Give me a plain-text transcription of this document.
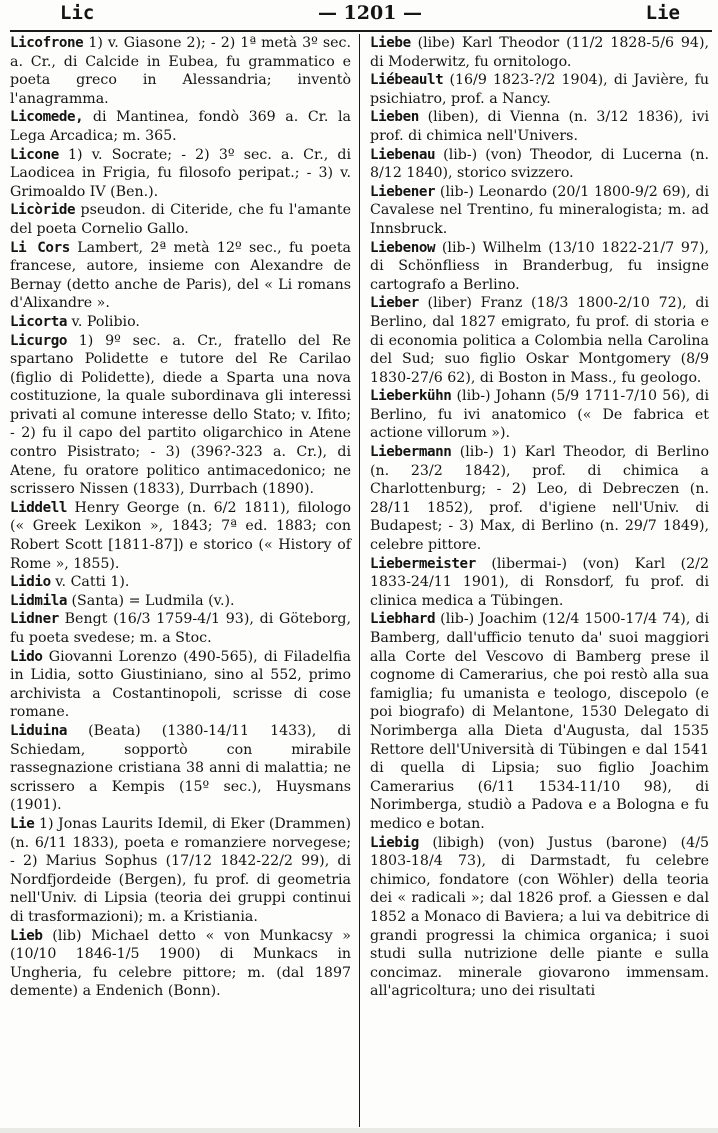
Lic	— 1201 —	Lie

Licofrone 1) v. Giasone 2); - 2) 1ª metà 3º sec. a. Cr., di Calcide in Eubea, fu grammatico e poeta greco in Alessandria; inventò l'anagramma.

Licomede, di Mantinea, fondò 369 a. Cr. la Lega Arcadica; m. 365.

Licone 1) v. Socrate; - 2) 3º sec. a. Cr., di Laodicea in Frigia, fu filosofo peripat.; - 3) v. Grimoaldo IV (Ben.).

Licòride pseudon. di Citeride, che fu l'amante del poeta Cornelio Gallo.

Li Cors Lambert, 2ª metà 12º sec., fu poeta francese, autore, insieme con Alexandre de Bernay (detto anche de Paris), del « Li romans d'Alixandre ».

Licorta v. Polibio.

Licurgo 1) 9º sec. a. Cr., fratello del Re spartano Polidette e tutore del Re Carilao (figlio di Polidette), diede a Sparta una nova costituzione, la quale subordinava gli interessi privati al comune interesse dello Stato; v. Ifito; - 2) fu il capo del partito oligarchico in Atene contro Pisistrato; - 3) (396?-323 a. Cr.), di Atene, fu oratore politico antimacedonico; ne scrissero Nissen (1833), Durrbach (1890).

Liddell Henry George (n. 6/2 1811), filologo (« Greek Lexikon », 1843; 7ª ed. 1883; con Robert Scott [1811-87]) e storico (« History of Rome », 1855).

Lidio v. Catti 1).

Lidmila (Santa) = Ludmila (v.).

Lidner Bengt (16/3 1759-4/1 93), di Göteborg, fu poeta svedese; m. a Stoc.

Lido Giovanni Lorenzo (490-565), di Filadelfia in Lidia, sotto Giustiniano, sino al 552, primo archivista a Costantinopoli, scrisse di cose romane.

Liduina (Beata) (1380-14/11 1433), di Schiedam, sopportò con mirabile rassegnazione cristiana 38 anni di malattia; ne scrissero a Kempis (15º sec.), Huysmans (1901).

Lie 1) Jonas Laurits Idemil, di Eker (Drammen) (n. 6/11 1833), poeta e romanziere norvegese; - 2) Marius Sophus (17/12 1842-22/2 99), di Nordfjordeide (Bergen), fu prof. di geometria nell'Univ. di Lipsia (teoria dei gruppi continui di trasformazioni); m. a Kristiania.

Lieb (lib) Michael detto « von Munkacsy » (10/10 1846-1/5 1900) di Munkacs in Ungheria, fu celebre pittore; m. (dal 1897 demente) a Endenich (Bonn).

Liebe (libe) Karl Theodor (11/2 1828-5/6 94), di Moderwitz, fu ornitologo.

Liébeault (16/9 1823-?/2 1904), di Javière, fu psichiatro, prof. a Nancy.

Lieben (liben), di Vienna (n. 3/12 1836), ivi prof. di chimica nell'Univers.

Liebenau (lib-) (von) Theodor, di Lucerna (n. 8/12 1840), storico svizzero.

Liebener (lib-) Leonardo (20/1 1800-9/2 69), di Cavalese nel Trentino, fu mineralogista; m. ad Innsbruck.

Liebenow (lib-) Wilhelm (13/10 1822-21/7 97), di Schönfliess in Branderbug, fu insigne cartografo a Berlino.

Lieber (liber) Franz (18/3 1800-2/10 72), di Berlino, dal 1827 emigrato, fu prof. di storia e di economia politica a Colombia nella Carolina del Sud; suo figlio Oskar Montgomery (8/9 1830-27/6 62), di Boston in Mass., fu geologo.

Lieberkühn (lib-) Johann (5/9 1711-7/10 56), di Berlino, fu ivi anatomico (« De fabrica et actione villorum »).

Liebermann (lib-) 1) Karl Theodor, di Berlino (n. 23/2 1842), prof. di chimica a Charlottenburg; - 2) Leo, di Debreczen (n. 28/11 1852), prof. d'igiene nell'Univ. di Budapest; - 3) Max, di Berlino (n. 29/7 1849), celebre pittore.

Liebermeister (libermai-) (von) Karl (2/2 1833-24/11 1901), di Ronsdorf, fu prof. di clinica medica a Tübingen.

Liebhard (lib-) Joachim (12/4 1500-17/4 74), di Bamberg, dall'ufficio tenuto da' suoi maggiori alla Corte del Vescovo di Bamberg prese il cognome di Camerarius, che poi restò alla sua famiglia; fu umanista e teologo, discepolo (e poi biografo) di Melantone, 1530 Delegato di Norimberga alla Dieta d'Augusta, dal 1535 Rettore dell'Università di Tübingen e dal 1541 di quella di Lipsia; suo figlio Joachim Camerarius (6/11 1534-11/10 98), di Norimberga, studiò a Padova e a Bologna e fu medico e botan.

Liebig (libigh) (von) Justus (barone) (4/5 1803-18/4 73), di Darmstadt, fu celebre chimico, fondatore (con Wöhler) della teoria dei « radicali »; dal 1826 prof. a Giessen e dal 1852 a Monaco di Baviera; a lui va debitrice di grandi progressi la chimica organica; i suoi studi sulla nutrizione delle piante e sulla concimaz. minerale giovarono immensam. all'agricoltura; uno dei risultati
